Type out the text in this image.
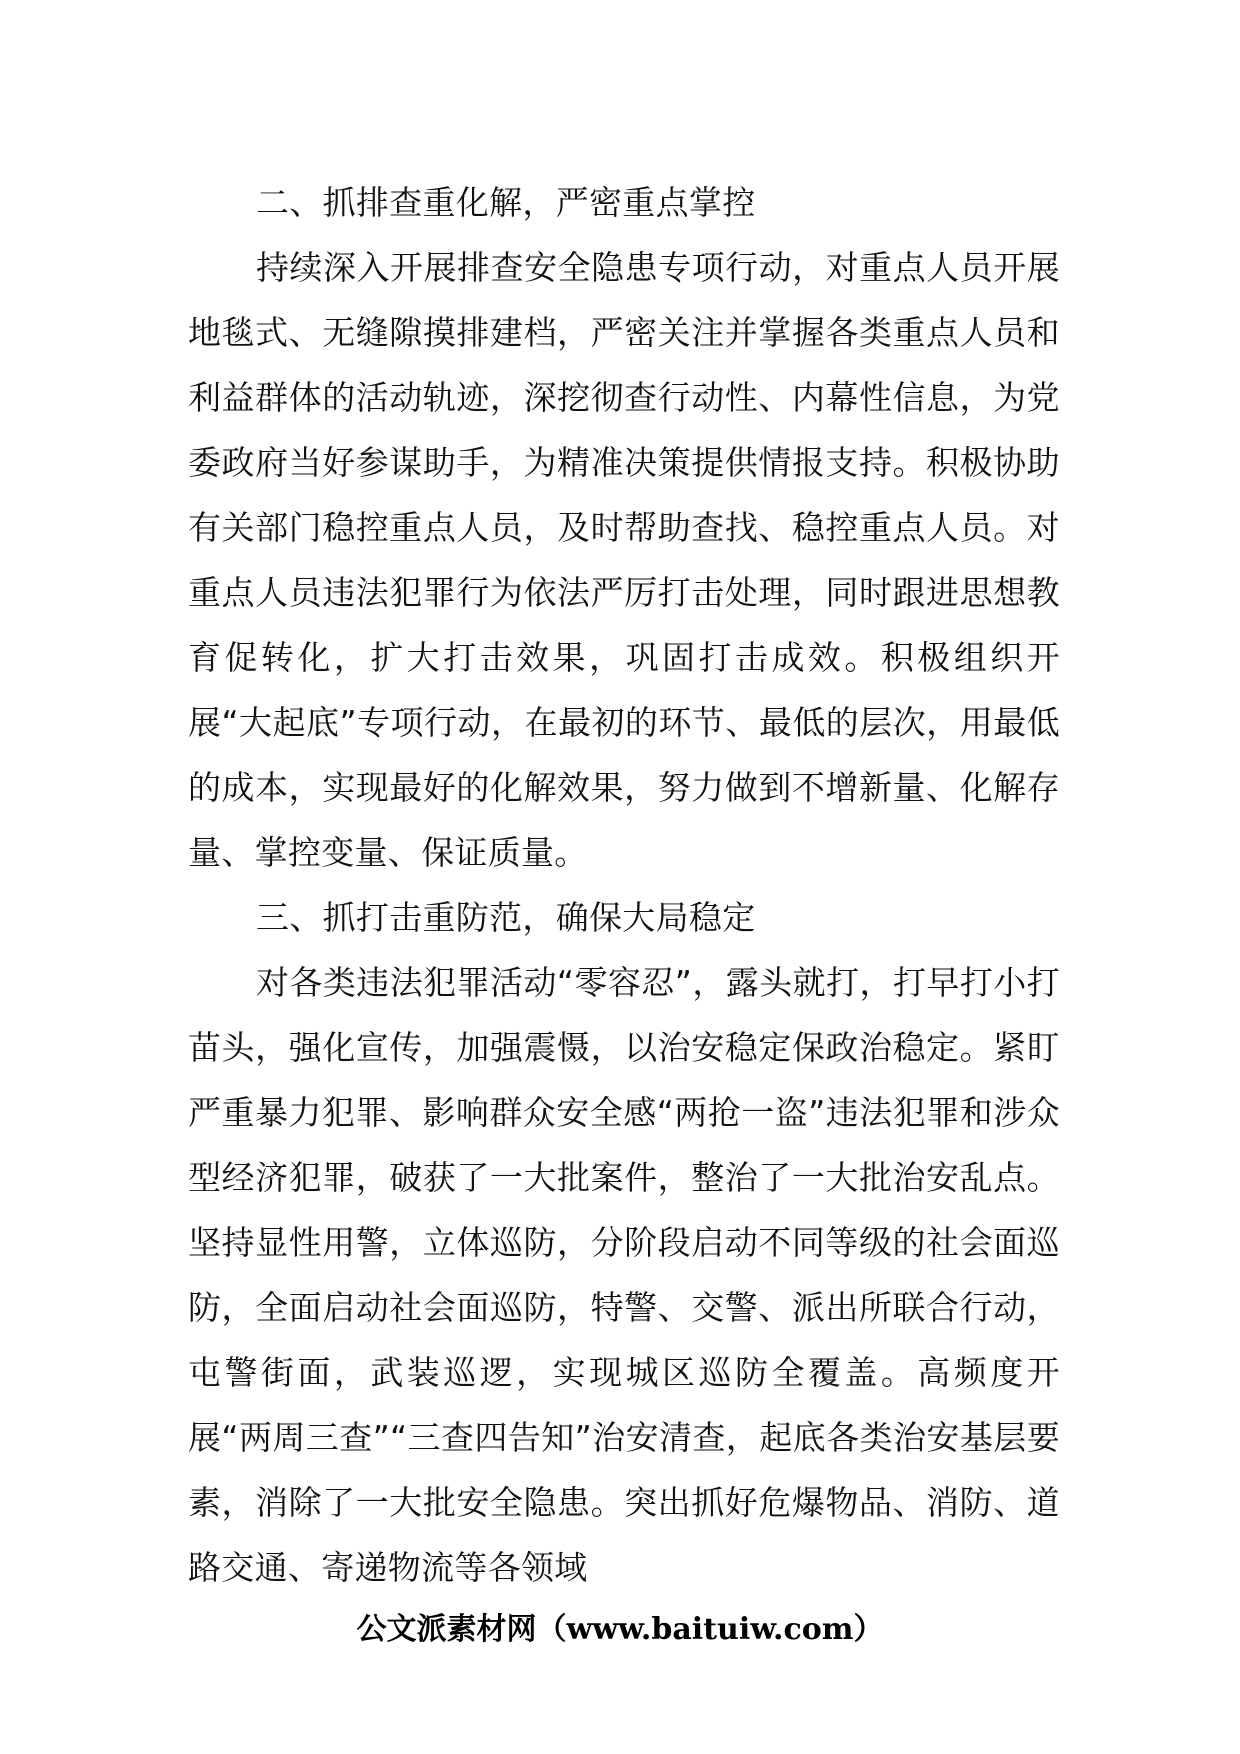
二、抓排查重化解，严密重点掌控

持续深入开展排查安全隐患专项行动，对重点人员开展地毯式、无缝隙摸排建档，严密关注并掌握各类重点人员和利益群体的活动轨迹，深挖彻查行动性、内幕性信息，为党委政府当好参谋助手，为精准决策提供情报支持。积极协助有关部门稳控重点人员，及时帮助查找、稳控重点人员。对重点人员违法犯罪行为依法严厉打击处理，同时跟进思想教育促转化，扩大打击效果，巩固打击成效。积极组织开展“大起底”专项行动，在最初的环节、最低的层次，用最低的成本，实现最好的化解效果，努力做到不增新量、化解存量、掌控变量、保证质量。

三、抓打击重防范，确保大局稳定

对各类违法犯罪活动“零容忍”，露头就打，打早打小打苗头，强化宣传，加强震慑，以治安稳定保政治稳定。紧盯严重暴力犯罪、影响群众安全感“两抢一盗”违法犯罪和涉众型经济犯罪，破获了一大批案件，整治了一大批治安乱点。坚持显性用警，立体巡防，分阶段启动不同等级的社会面巡防，全面启动社会面巡防，特警、交警、派出所联合行动，屯警街面，武装巡逻，实现城区巡防全覆盖。高频度开展“两周三查”“三查四告知”治安清查，起底各类治安基层要素，消除了一大批安全隐患。突出抓好危爆物品、消防、道路交通、寄递物流等各领域

公文派素材网（www.baituiw.com）
